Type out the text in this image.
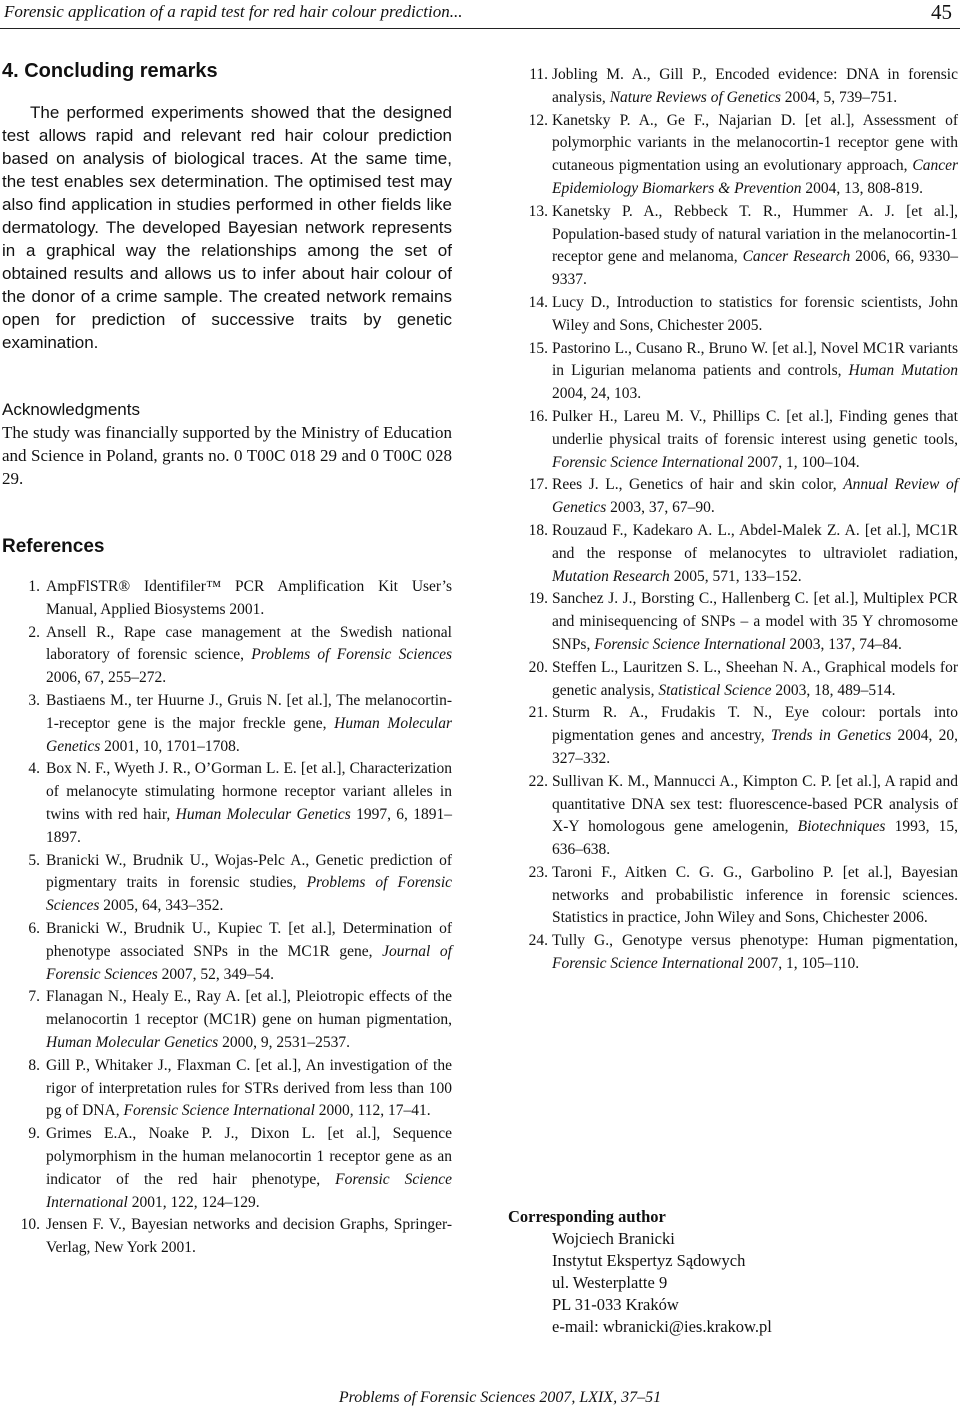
Forensic application of a rapid test for red hair colour prediction...	45
4. Concluding remarks

The performed experiments showed that the designed test allows rapid and relevant red hair colour prediction based on analysis of biological traces. At the same time, the test enables sex determination. The optimised test may also find application in studies performed in other fields like dermatology. The developed Bayesian network represents in a graphical way the relationships among the set of obtained results and allows us to infer about hair colour of the donor of a crime sample. The created network remains open for prediction of successive traits by genetic examination.

Acknowledgments

The study was financially supported by the Ministry of Education and Science in Poland, grants no. 0 T00C 018 29 and 0 T00C 028 29.

References
1. AmpFlSTR® Identifiler™ PCR Amplification Kit User’s Manual, Applied Biosystems 2001.
2. Ansell R., Rape case management at the Swedish national laboratory of forensic science, Problems of Forensic Sciences 2006, 67, 255–272.
3. Bastiaens M., ter Huurne J., Gruis N. [et al.], The melanocortin-1-receptor gene is the major freckle gene, Human Molecular Genetics 2001, 10, 1701–1708.
4. Box N. F., Wyeth J. R., O’Gorman L. E. [et al.], Characterization of melanocyte stimulating hormone receptor variant alleles in twins with red hair, Human Molecular Genetics 1997, 6, 1891–1897.
5. Branicki W., Brudnik U., Wojas-Pelc A., Genetic prediction of pigmentary traits in forensic studies, Problems of Forensic Sciences 2005, 64, 343–352.
6. Branicki W., Brudnik U., Kupiec T. [et al.], Determination of phenotype associated SNPs in the MC1R gene, Journal of Forensic Sciences 2007, 52, 349–54.
7. Flanagan N., Healy E., Ray A. [et al.], Pleiotropic effects of the melanocortin 1 receptor (MC1R) gene on human pigmentation, Human Molecular Genetics 2000, 9, 2531–2537.
8. Gill P., Whitaker J., Flaxman C. [et al.], An investigation of the rigor of interpretation rules for STRs derived from less than 100 pg of DNA, Forensic Science International 2000, 112, 17–41.
9. Grimes E.A., Noake P. J., Dixon L. [et al.], Sequence polymorphism in the human melanocortin 1 receptor gene as an indicator of the red hair phenotype, Forensic Science International 2001, 122, 124–129.
10. Jensen F. V., Bayesian networks and decision Graphs, Springer-Verlag, New York 2001.
11. Jobling M. A., Gill P., Encoded evidence: DNA in forensic analysis, Nature Reviews of Genetics 2004, 5, 739–751.
12. Kanetsky P. A., Ge F., Najarian D. [et al.], Assessment of polymorphic variants in the melanocortin-1 receptor gene with cutaneous pigmentation using an evolutionary approach, Cancer Epidemiology Biomarkers & Prevention 2004, 13, 808-819.
13. Kanetsky P. A., Rebbeck T. R., Hummer A. J. [et al.], Population-based study of natural variation in the melanocortin-1 receptor gene and melanoma, Cancer Research 2006, 66, 9330–9337.
14. Lucy D., Introduction to statistics for forensic scientists, John Wiley and Sons, Chichester 2005.
15. Pastorino L., Cusano R., Bruno W. [et al.], Novel MC1R variants in Ligurian melanoma patients and controls, Human Mutation 2004, 24, 103.
16. Pulker H., Lareu M. V., Phillips C. [et al.], Finding genes that underlie physical traits of forensic interest using genetic tools, Forensic Science International 2007, 1, 100–104.
17. Rees J. L., Genetics of hair and skin color, Annual Review of Genetics 2003, 37, 67–90.
18. Rouzaud F., Kadekaro A. L., Abdel-Malek Z. A. [et al.], MC1R and the response of melanocytes to ultraviolet radiation, Mutation Research 2005, 571, 133–152.
19. Sanchez J. J., Borsting C., Hallenberg C. [et al.], Multiplex PCR and minisequencing of SNPs – a model with 35 Y chromosome SNPs, Forensic Science International 2003, 137, 74–84.
20. Steffen L., Lauritzen S. L., Sheehan N. A., Graphical models for genetic analysis, Statistical Science 2003, 18, 489–514.
21. Sturm R. A., Frudakis T. N., Eye colour: portals into pigmentation genes and ancestry, Trends in Genetics 2004, 20, 327–332.
22. Sullivan K. M., Mannucci A., Kimpton C. P. [et al.], A rapid and quantitative DNA sex test: fluorescence-based PCR analysis of X-Y homologous gene amelogenin, Biotechniques 1993, 15, 636–638.
23. Taroni F., Aitken C. G. G., Garbolino P. [et al.], Bayesian networks and probabilistic inference in forensic sciences. Statistics in practice, John Wiley and Sons, Chichester 2006.
24. Tully G., Genotype versus phenotype: Human pigmentation, Forensic Science International 2007, 1, 105–110.

Corresponding author

Wojciech Branicki

Instytut Ekspertyz Sądowych

ul. Westerplatte 9

PL 31-033 Kraków

e-mail: wbranicki@ies.krakow.pl

Problems of Forensic Sciences 2007, LXIX, 37–51
